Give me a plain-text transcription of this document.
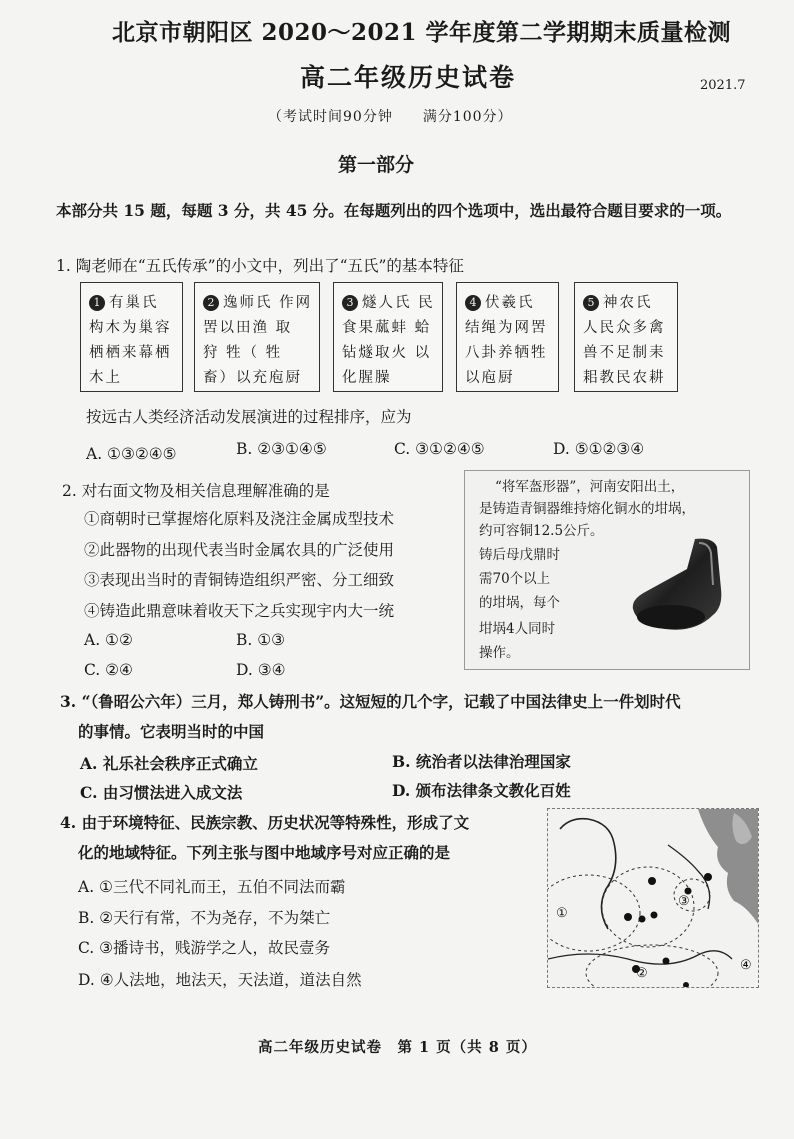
北京市朝阳区 2020～2021 学年度第二学期期末质量检测
高二年级历史试卷	2021.7
（考试时间90分钟　　满分100分）
第一部分
本部分共 15 题，每题 3 分，共 45 分。在每题列出的四个选项中，选出最符合题目要求的一项。
1. 陶老师在“五氏传承”的小文中，列出了“五氏”的基本特征
1 有巢氏 构木为巢容 栖栖来幕栖 木上
2 逸师氏 作网罟以田渔 取 狩 牲（ 牲 畜）以充庖厨
3 燧人氏 民食果蓏蚌 蛤钻燧取火 以化腥臊
4 伏羲氏 结绳为网罟 八卦养牺牲 以庖厨
5 神农氏 人民众多禽 兽不足制耒 耜教民农耕
按远古人类经济活动发展演进的过程排序，应为
A. ①③②④⑤	B. ②③①④⑤	C. ③①②④⑤	D. ⑤①②③④
2. 对右面文物及相关信息理解准确的是
①商朝时已掌握熔化原料及浇注金属成型技术
②此器物的出现代表当时金属农具的广泛使用
③表现出当时的青铜铸造组织严密、分工细致
④铸造此鼎意味着收天下之兵实现宇内大一统
A. ①②	B. ①③
C. ②④	D. ③④
“将军盔形器”，河南安阳出土，
是铸造青铜器维持熔化铜水的坩埚，
约可容铜12.5公斤。
铸后母戊鼎时
需70个以上
的坩埚，每个
坩埚4人同时
操作。
3. “（鲁昭公六年）三月，郑人铸刑书”。这短短的几个字，记载了中国法律史上一件划时代
的事情。它表明当时的中国
A. 礼乐社会秩序正式确立	B. 统治者以法律治理国家
C. 由习惯法进入成文法	D. 颁布法律条文教化百姓
4. 由于环境特征、民族宗教、历史状况等特殊性，形成了文
化的地域特征。下列主张与图中地域序号对应正确的是
A. ①三代不同礼而王，五伯不同法而霸
B. ②天行有常，不为尧存，不为桀亡
C. ③播诗书，贱游学之人，故民壹务
D. ④人法地，地法天，天法道，道法自然
①
②
③
④
高二年级历史试卷　第 1 页（共 8 页）
